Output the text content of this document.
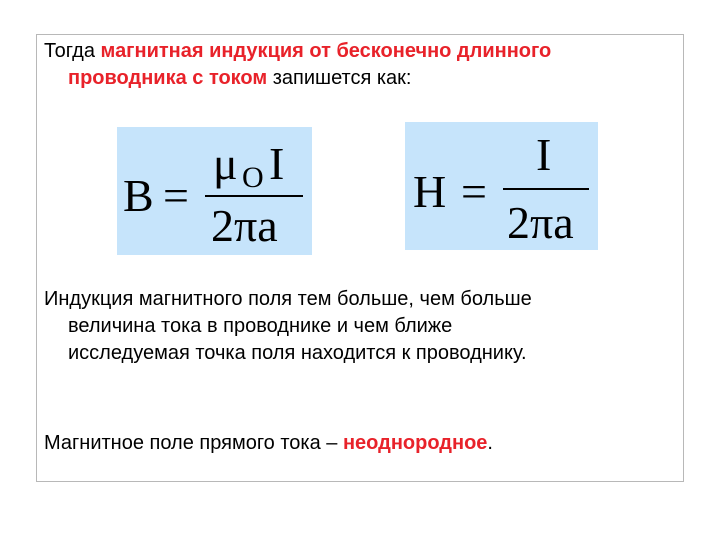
Тогда магнитная индукция от бесконечно длинного
проводника с током запишется как:

B =
μ O I
2πa
H =
I
2πa

Индукция магнитного поля тем больше, чем больше
величина тока в проводнике и чем ближе
исследуемая точка поля находится к проводнику.

Магнитное поле прямого тока – неоднородное.
